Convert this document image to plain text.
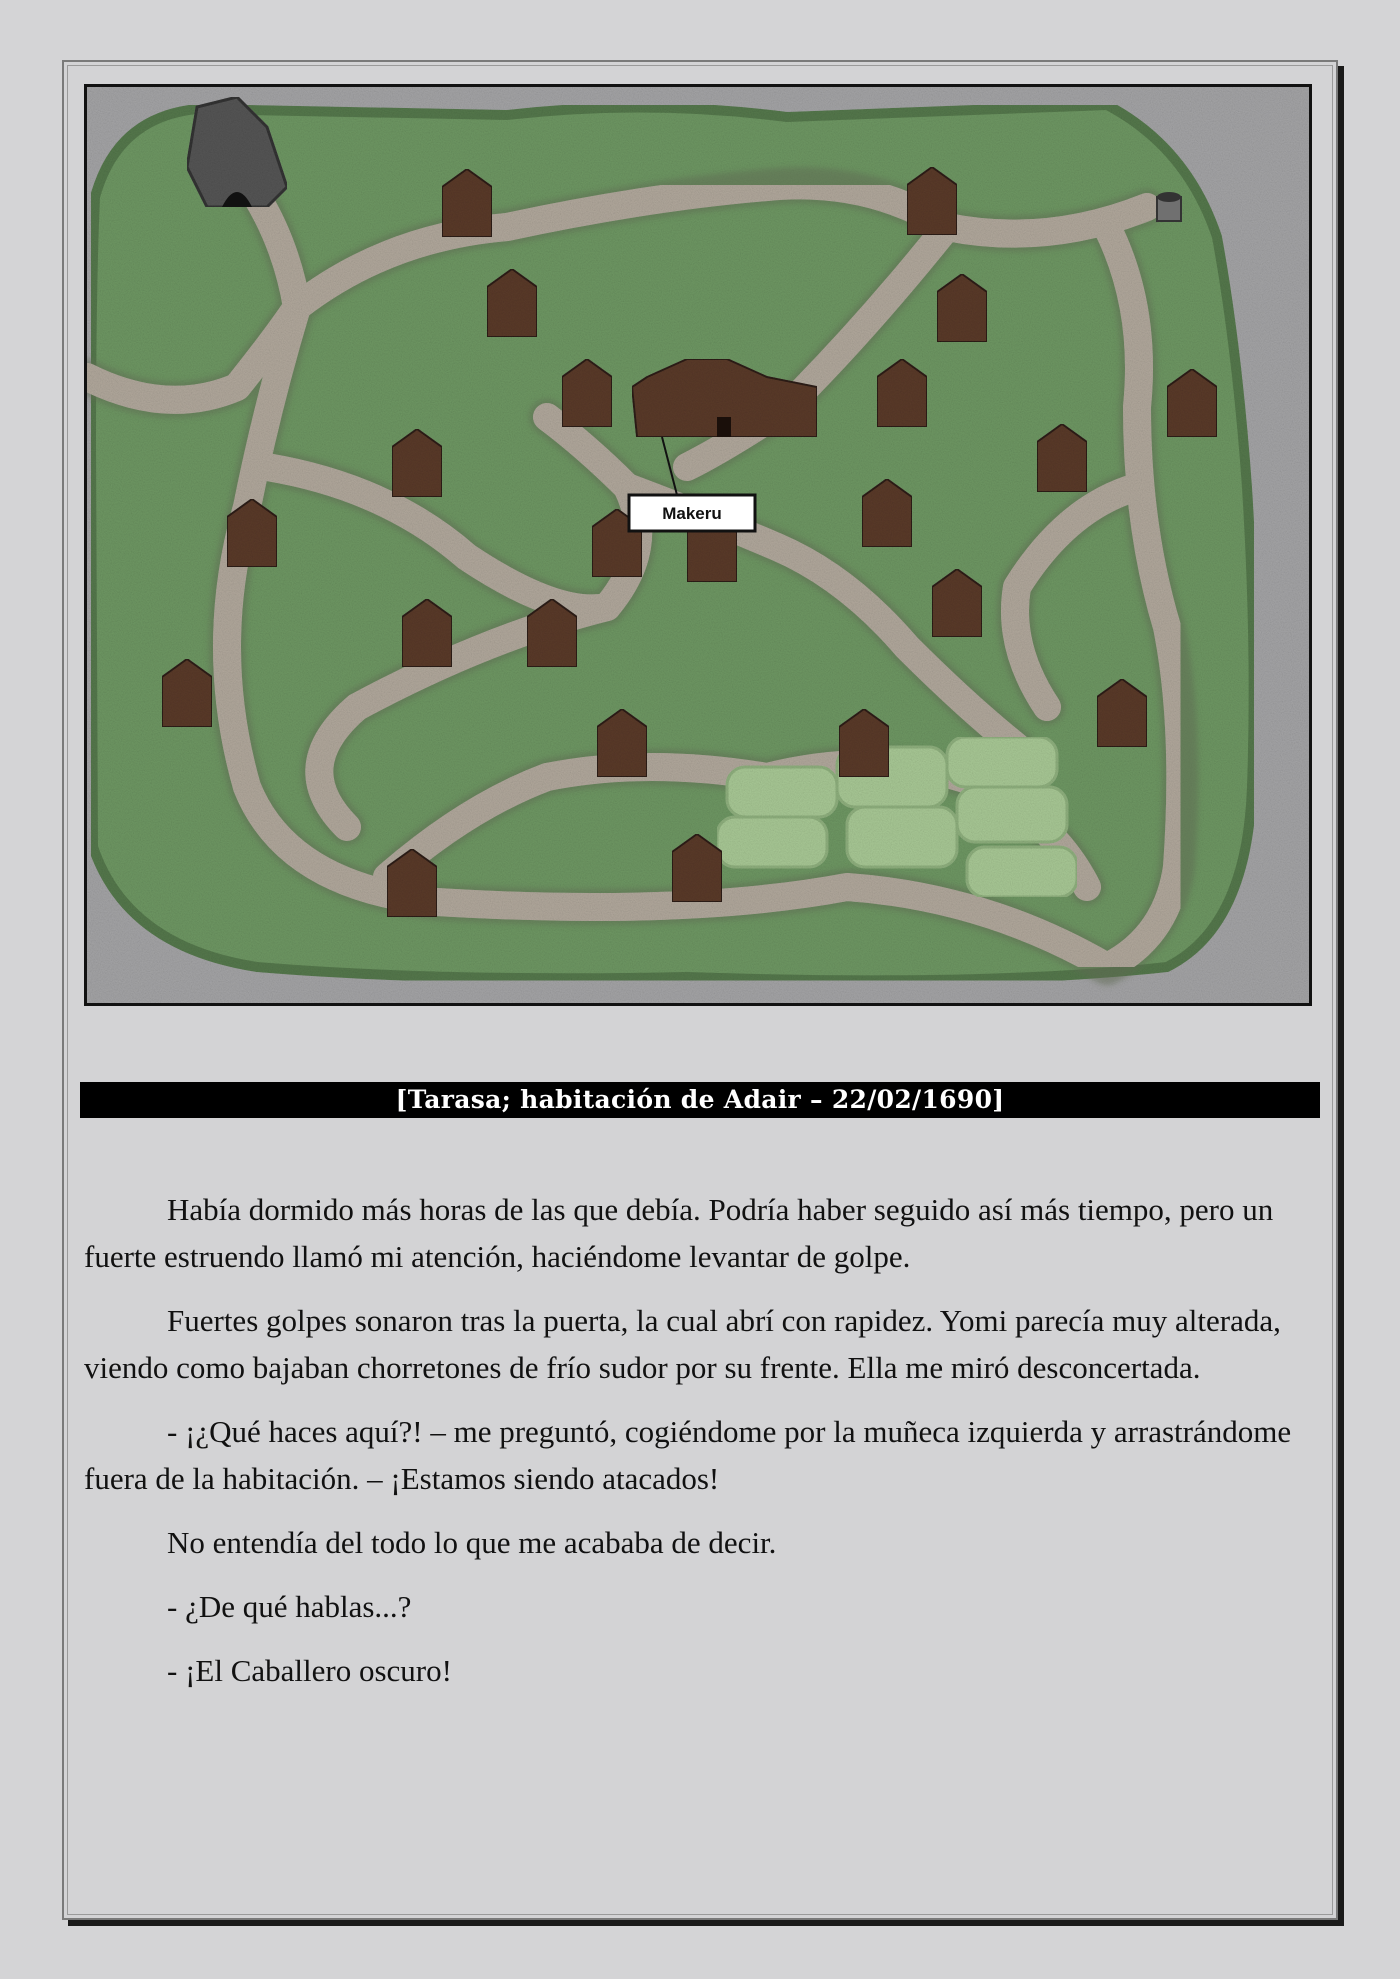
Makeru
[Tarasa; habitación de Adair – 22/02/1690]

Había dormido más horas de las que debía. Podría haber seguido así más tiempo, pero un fuerte estruendo llamó mi atención, haciéndome levantar de golpe.

Fuertes golpes sonaron tras la puerta, la cual abrí con rapidez. Yomi parecía muy alterada, viendo como bajaban chorretones de frío sudor por su frente. Ella me miró desconcertada.

- ¡¿Qué haces aquí?! – me preguntó, cogiéndome por la muñeca izquierda y arrastrándome fuera de la habitación. – ¡Estamos siendo atacados!

No entendía del todo lo que me acababa de decir.

- ¿De qué hablas...?

- ¡El Caballero oscuro!
